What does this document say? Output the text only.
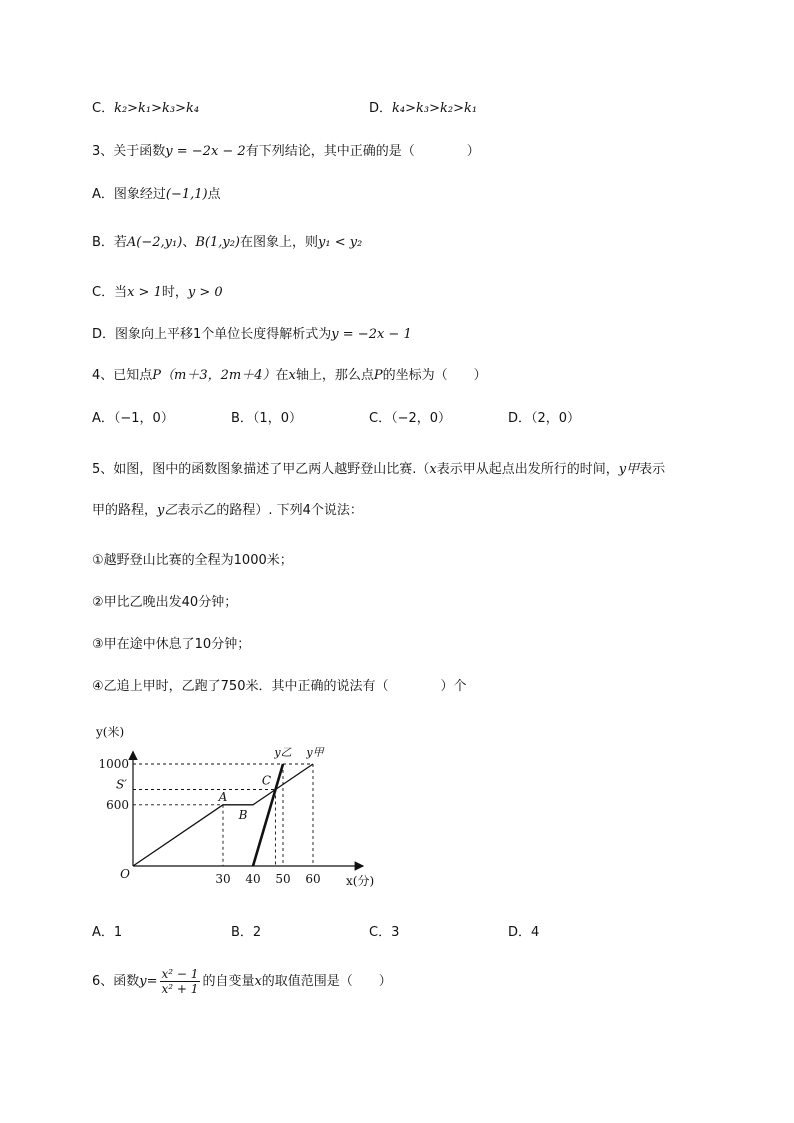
C．k₂>k₁>k₃>k₄	D．k₄>k₃>k₂>k₁
3、关于函数y = −2x − 2有下列结论，其中正确的是（　　　　）
A．图象经过(−1,1)点
B．若A(−2,y₁)、B(1,y₂)在图象上，则y₁ < y₂
C．当x > 1时，y > 0
D．图象向上平移1个单位长度得解析式为y = −2x − 1
4、已知点P（m＋3，2m＋4）在x轴上，那么点P的坐标为（　　）
A．（−1，0）	B．（1，0）	C．（−2，0）	D．（2，0）
5、如图，图中的函数图象描述了甲乙两人越野登山比赛.（x表示甲从起点出发所行的时间，y甲表示
甲的路程，y乙表示乙的路程）. 下列4个说法：
①越野登山比赛的全程为1000米；
②甲比乙晚出发40分钟；
③甲在途中休息了10分钟；
④乙追上甲时，乙跑了750米．其中正确的说法有（　　　　）个
30 40 50 60
600
S′
1000
y(米)
x(分)
O
A
B
C
y乙 y甲
A．1	B．2	C．3	D．4
6、函数$y= \frac{\text{x² − 1}}{\text{x² + 1}}$ 的自变量x的取值范围是（　　）
